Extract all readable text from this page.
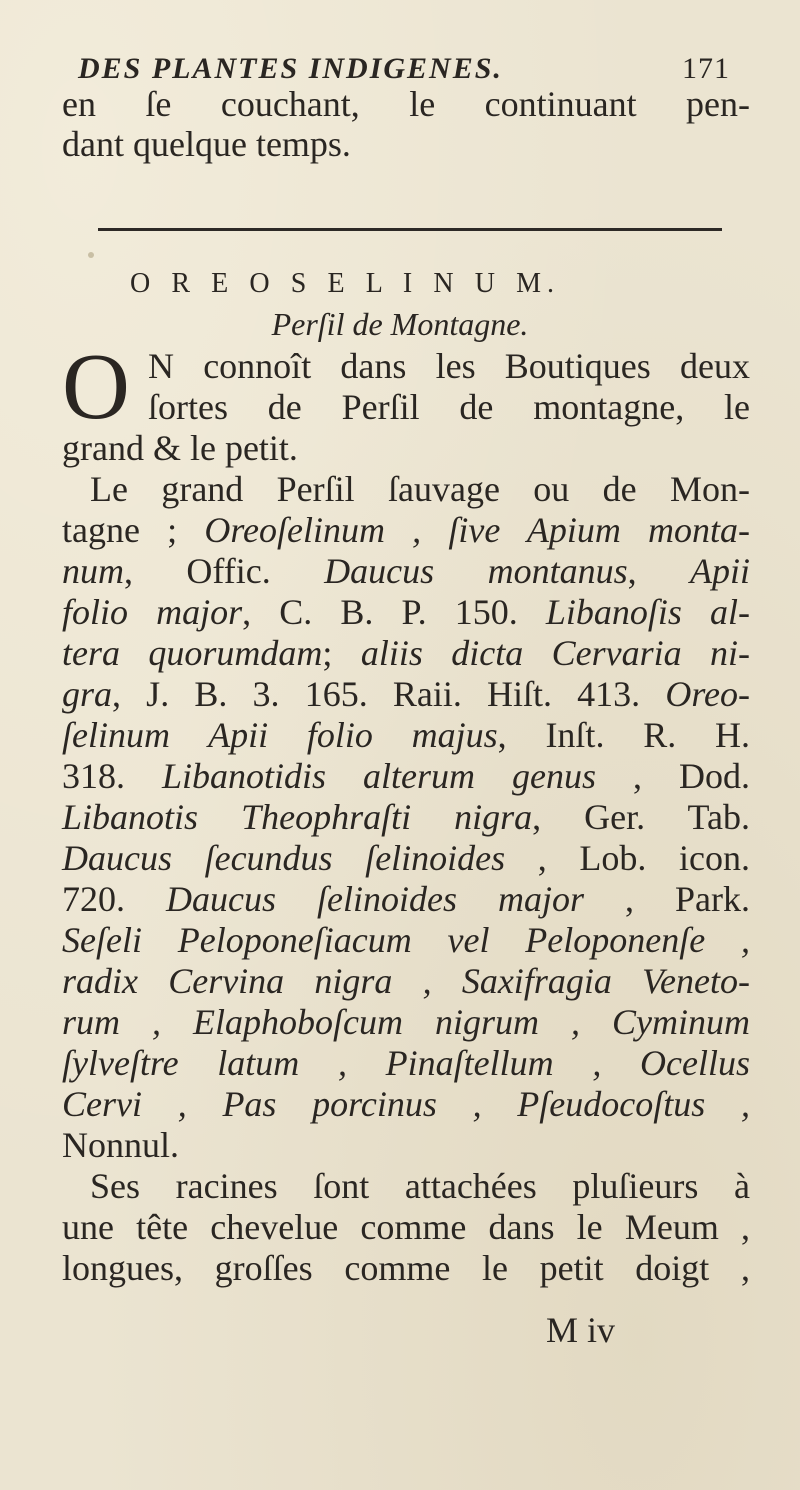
DES PLANTES INDIGENES.	171
en ſe couchant, le continuant pen-
dant quelque temps.
O R E O S E L I N U M.
Perſil de Montagne.
O N connoît dans les Boutiques deux
ſortes de Perſil de montagne, le
grand & le petit.
Le grand Perſil ſauvage ou de Mon-
tagne ; Oreoſelinum , ſive Apium monta-
num, Offic. Daucus montanus, Apii
folio major, C. B. P. 150. Libanoſis al-
tera quorumdam; aliis dicta Cervaria ni-
gra, J. B. 3. 165. Raii. Hiſt. 413. Oreo-
ſelinum Apii folio majus, Inſt. R. H.
318. Libanotidis alterum genus , Dod.
Libanotis Theophraſti nigra, Ger. Tab.
Daucus ſecundus ſelinoides , Lob. icon.
720. Daucus ſelinoides major , Park.
Seſeli Peloponeſiacum vel Peloponenſe ,
radix Cervina nigra , Saxifragia Veneto-
rum , Elaphoboſcum nigrum , Cyminum
ſylveſtre latum , Pinaſtellum , Ocellus
Cervi , Pas porcinus , Pſeudocoſtus ,
Nonnul.
Ses racines ſont attachées pluſieurs à
une tête chevelue comme dans le Meum ,
longues, groſſes comme le petit doigt ,
M iv
